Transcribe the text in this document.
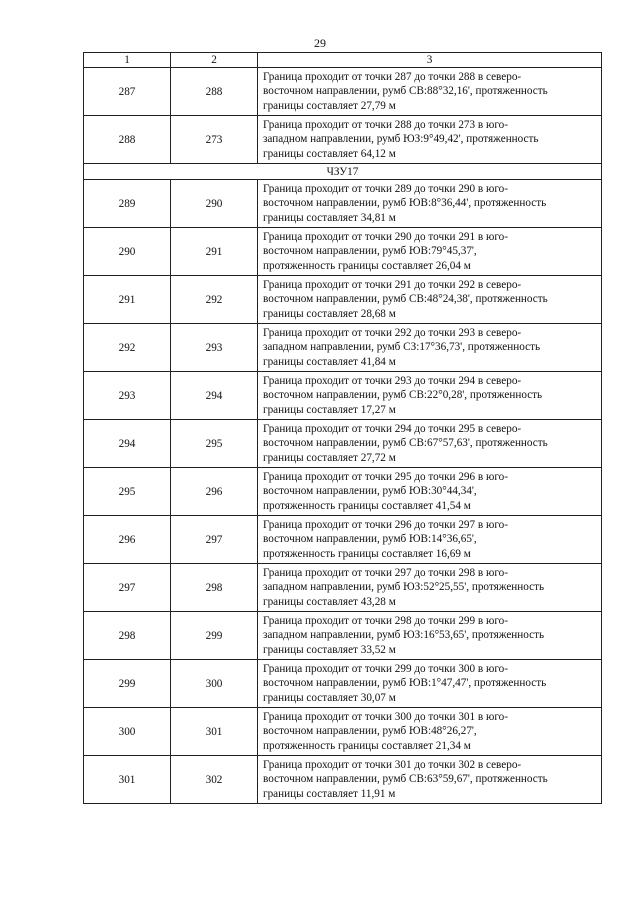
29
1	2	3
287	288	Граница проходит от точки 287 до точки 288 в северо-
восточном направлении, румб СВ:88°32,16', протяженность
границы составляет 27,79 м

288	273	Граница проходит от точки 288 до точки 273 в юго-
западном направлении, румб ЮЗ:9°49,42', протяженность
границы составляет 64,12 м

ЧЗУ17		
289	290	Граница проходит от точки 289 до точки 290 в юго-
восточном направлении, румб ЮВ:8°36,44', протяженность
границы составляет 34,81 м

290	291	Граница проходит от точки 290 до точки 291 в юго-
восточном направлении, румб ЮВ:79°45,37',
протяженность границы составляет 26,04 м

291	292	Граница проходит от точки 291 до точки 292 в северо-
восточном направлении, румб СВ:48°24,38', протяженность
границы составляет 28,68 м

292	293	Граница проходит от точки 292 до точки 293 в северо-
западном направлении, румб СЗ:17°36,73', протяженность
границы составляет 41,84 м

293	294	Граница проходит от точки 293 до точки 294 в северо-
восточном направлении, румб СВ:22°0,28', протяженность
границы составляет 17,27 м

294	295	Граница проходит от точки 294 до точки 295 в северо-
восточном направлении, румб СВ:67°57,63', протяженность
границы составляет 27,72 м

295	296	Граница проходит от точки 295 до точки 296 в юго-
восточном направлении, румб ЮВ:30°44,34',
протяженность границы составляет 41,54 м

296	297	Граница проходит от точки 296 до точки 297 в юго-
восточном направлении, румб ЮВ:14°36,65',
протяженность границы составляет 16,69 м

297	298	Граница проходит от точки 297 до точки 298 в юго-
западном направлении, румб ЮЗ:52°25,55', протяженность
границы составляет 43,28 м

298	299	Граница проходит от точки 298 до точки 299 в юго-
западном направлении, румб ЮЗ:16°53,65', протяженность
границы составляет 33,52 м

299	300	Граница проходит от точки 299 до точки 300 в юго-
восточном направлении, румб ЮВ:1°47,47', протяженность
границы составляет 30,07 м

300	301	Граница проходит от точки 300 до точки 301 в юго-
восточном направлении, румб ЮВ:48°26,27',
протяженность границы составляет 21,34 м

301	302	Граница проходит от точки 301 до точки 302 в северо-
восточном направлении, румб СВ:63°59,67', протяженность
границы составляет 11,91 м
